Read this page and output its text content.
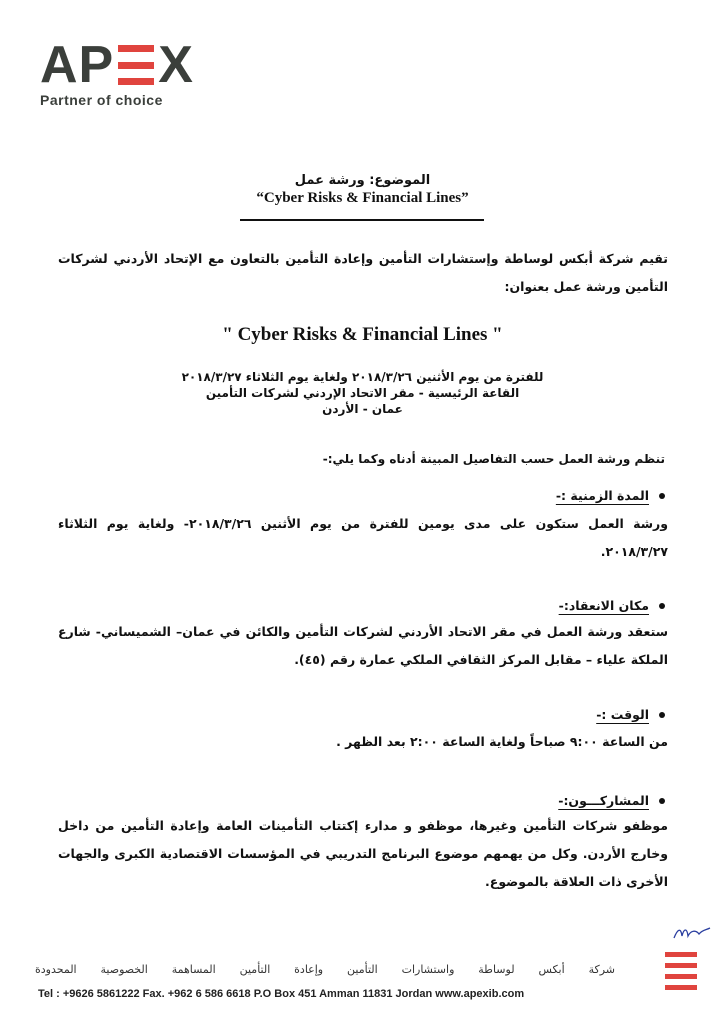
AP X
Partner of choice
الموضوع: ورشة عمل
“Cyber Risks & Financial Lines”
تقيم شركة أبكس لوساطة وإستشارات التأمين وإعادة التأمين بالتعاون مع الإتحاد الأردني لشركات التأمين ورشة عمل بعنوان:
" Cyber Risks & Financial Lines "
للفترة من يوم الأثنين ٢٠١٨/٣/٢٦ ولغاية يوم الثلاثاء ٢٠١٨/٣/٢٧
القاعة الرئيسية - مقر الاتحاد الإردني لشركات التأمين
عمان - الأردن
تنظم ورشة العمل حسب التفاصيل المبينة أدناه وكما يلي:-
المدة الزمنية :-
ورشة العمل ستكون على مدى يومين للفترة من يوم الأثنين ٢٠١٨/٣/٢٦- ولغاية يوم الثلاثاء ٢٠١٨/٣/٢٧.
مكان الانعقاد:-
ستعقد ورشة العمل في مقر الاتحاد الأردني لشركات التأمين والكائن في عمان– الشميساني- شارع الملكة علياء – مقابل المركز الثقافي الملكي عمارة رقم (٤٥).
الوقت :-
من الساعة ٩:٠٠ صباحاً ولغاية الساعة ٢:٠٠ بعد الظهر .
المشاركـــون:-
موظفو شركات التأمين وغيرها، موظفو و مدارء إكتتاب التأمينات العامة وإعادة التأمين من داخل وخارج الأردن. وكل من يهمهم موضوع البرنامج التدريبي في المؤسسات الاقتصادية الكبرى والجهات الأخرى ذات العلاقة بالموضوع.
شركة أبكس لوساطة واستشارات التأمين وإعادة التأمين المساهمة الخصوصية المحدودة
Tel : +9626 5861222 Fax. +962 6 586 6618 P.O Box 451 Amman 11831 Jordan www.apexib.com
